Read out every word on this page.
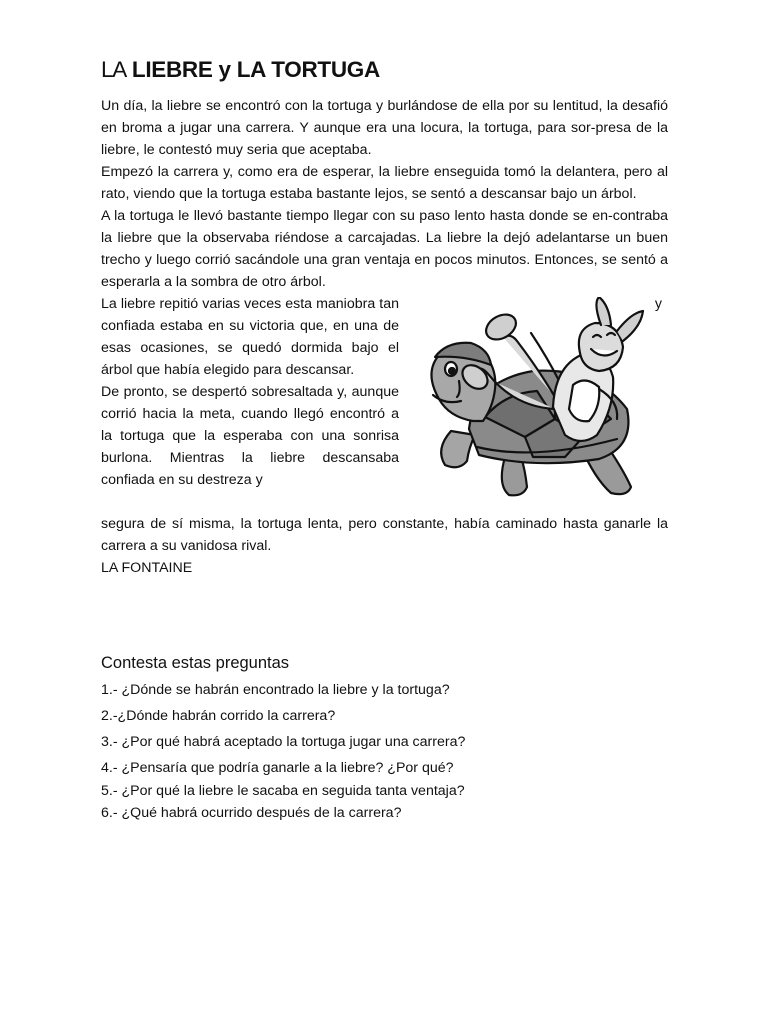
LA LIEBRE y LA TORTUGA

Un día, la liebre se encontró con la tortuga y burlándose de ella por su lentitud, la desafió en broma a jugar una carrera. Y aunque era una locura, la tortuga, para sor-presa de la liebre, le contestó muy seria que aceptaba.

Empezó la carrera y, como era de esperar, la liebre enseguida tomó la delantera, pero al rato, viendo que la tortuga estaba bastante lejos, se sentó a descansar bajo un árbol.

A la tortuga le llevó bastante tiempo llegar con su paso lento hasta donde se en-contraba la liebre que la observaba riéndose a carcajadas. La liebre la dejó adelantarse un buen trecho y luego corrió sacándole una gran ventaja en pocos minutos. Entonces, se sentó a esperarla a la sombra de otro árbol.

La liebre repitió varias veces esta maniobra tan confiada estaba en su victoria que, en una de esas ocasiones, se quedó dormida bajo el árbol que había elegido para descansar.

De pronto, se despertó sobresaltada y, aunque corrió hacia la meta, cuando llegó encontró a la tortuga que la esperaba con una sonrisa burlona. Mientras la liebre descansaba confiada en su destreza y

y

segura de sí misma, la tortuga lenta, pero constante, había caminado hasta ganarle la carrera a su vanidosa rival.

LA FONTAINE

Contesta estas preguntas
1.- ¿Dónde se habrán encontrado la liebre y la tortuga?
2.-¿Dónde habrán corrido la carrera?
3.- ¿Por qué habrá aceptado la tortuga jugar una carrera?
4.- ¿Pensaría que podría ganarle a la liebre? ¿Por qué?
5.- ¿Por qué la liebre le sacaba en seguida tanta ventaja?
6.- ¿Qué habrá ocurrido después de la carrera?
